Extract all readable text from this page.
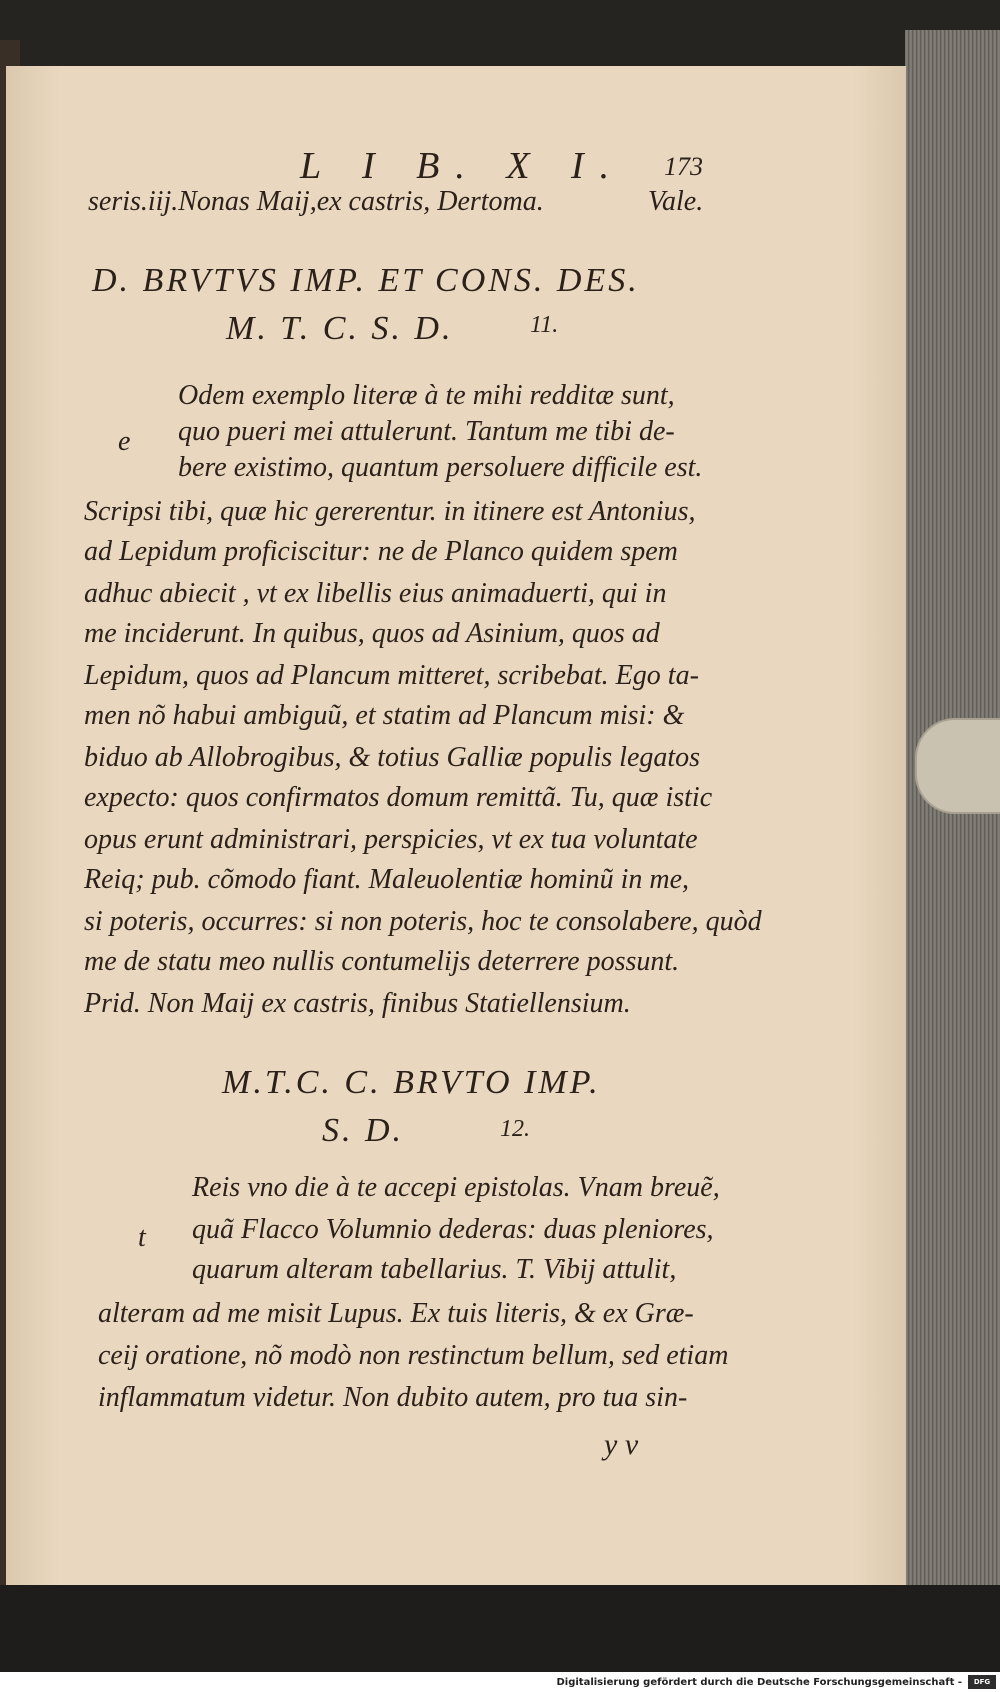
L I B. X I. 173
seris.iij.Nonas Maij,ex castris, Dertoma.	Vale.
D. BRVTVS IMP. ET CONS. DES.
M. T. C. S. D.	11.
e
Odem exemplo literæ à te mihi redditæ sunt,
quo pueri mei attulerunt. Tantum me tibi de-
bere existimo, quantum persoluere difficile est.
Scripsi tibi, quæ hic gererentur. in itinere est Antonius,
ad Lepidum proficiscitur: ne de Planco quidem spem
adhuc abiecit , vt ex libellis eius animaduerti, qui in
me inciderunt. In quibus, quos ad Asinium, quos ad
Lepidum, quos ad Plancum mitteret, scribebat. Ego ta-
men nõ habui ambiguũ, et statim ad Plancum misi: &
biduo ab Allobrogibus, & totius Galliæ populis legatos
expecto: quos confirmatos domum remittã. Tu, quæ istic
opus erunt administrari, perspicies, vt ex tua voluntate
Reiq; pub. cõmodo fiant. Maleuolentiæ hominũ in me,
si poteris, occurres: si non poteris, hoc te consolabere, quòd
me de statu meo nullis contumelijs deterrere possunt.
Prid. Non Maij ex castris, finibus Statiellensium.
M.T.C. C. BRVTO IMP.
S. D.	12.
t
Reis vno die à te accepi epistolas. Vnam breuẽ,
quã Flacco Volumnio dederas: duas pleniores,
quarum alteram tabellarius. T. Vibij attulit,
alteram ad me misit Lupus. Ex tuis literis, & ex Græ-
ceij oratione, nõ modò non restinctum bellum, sed etiam
inflammatum videtur. Non dubito autem, pro tua sin-
y v
Digitalisierung gefördert durch die Deutsche Forschungsgemeinschaft -	DFG
